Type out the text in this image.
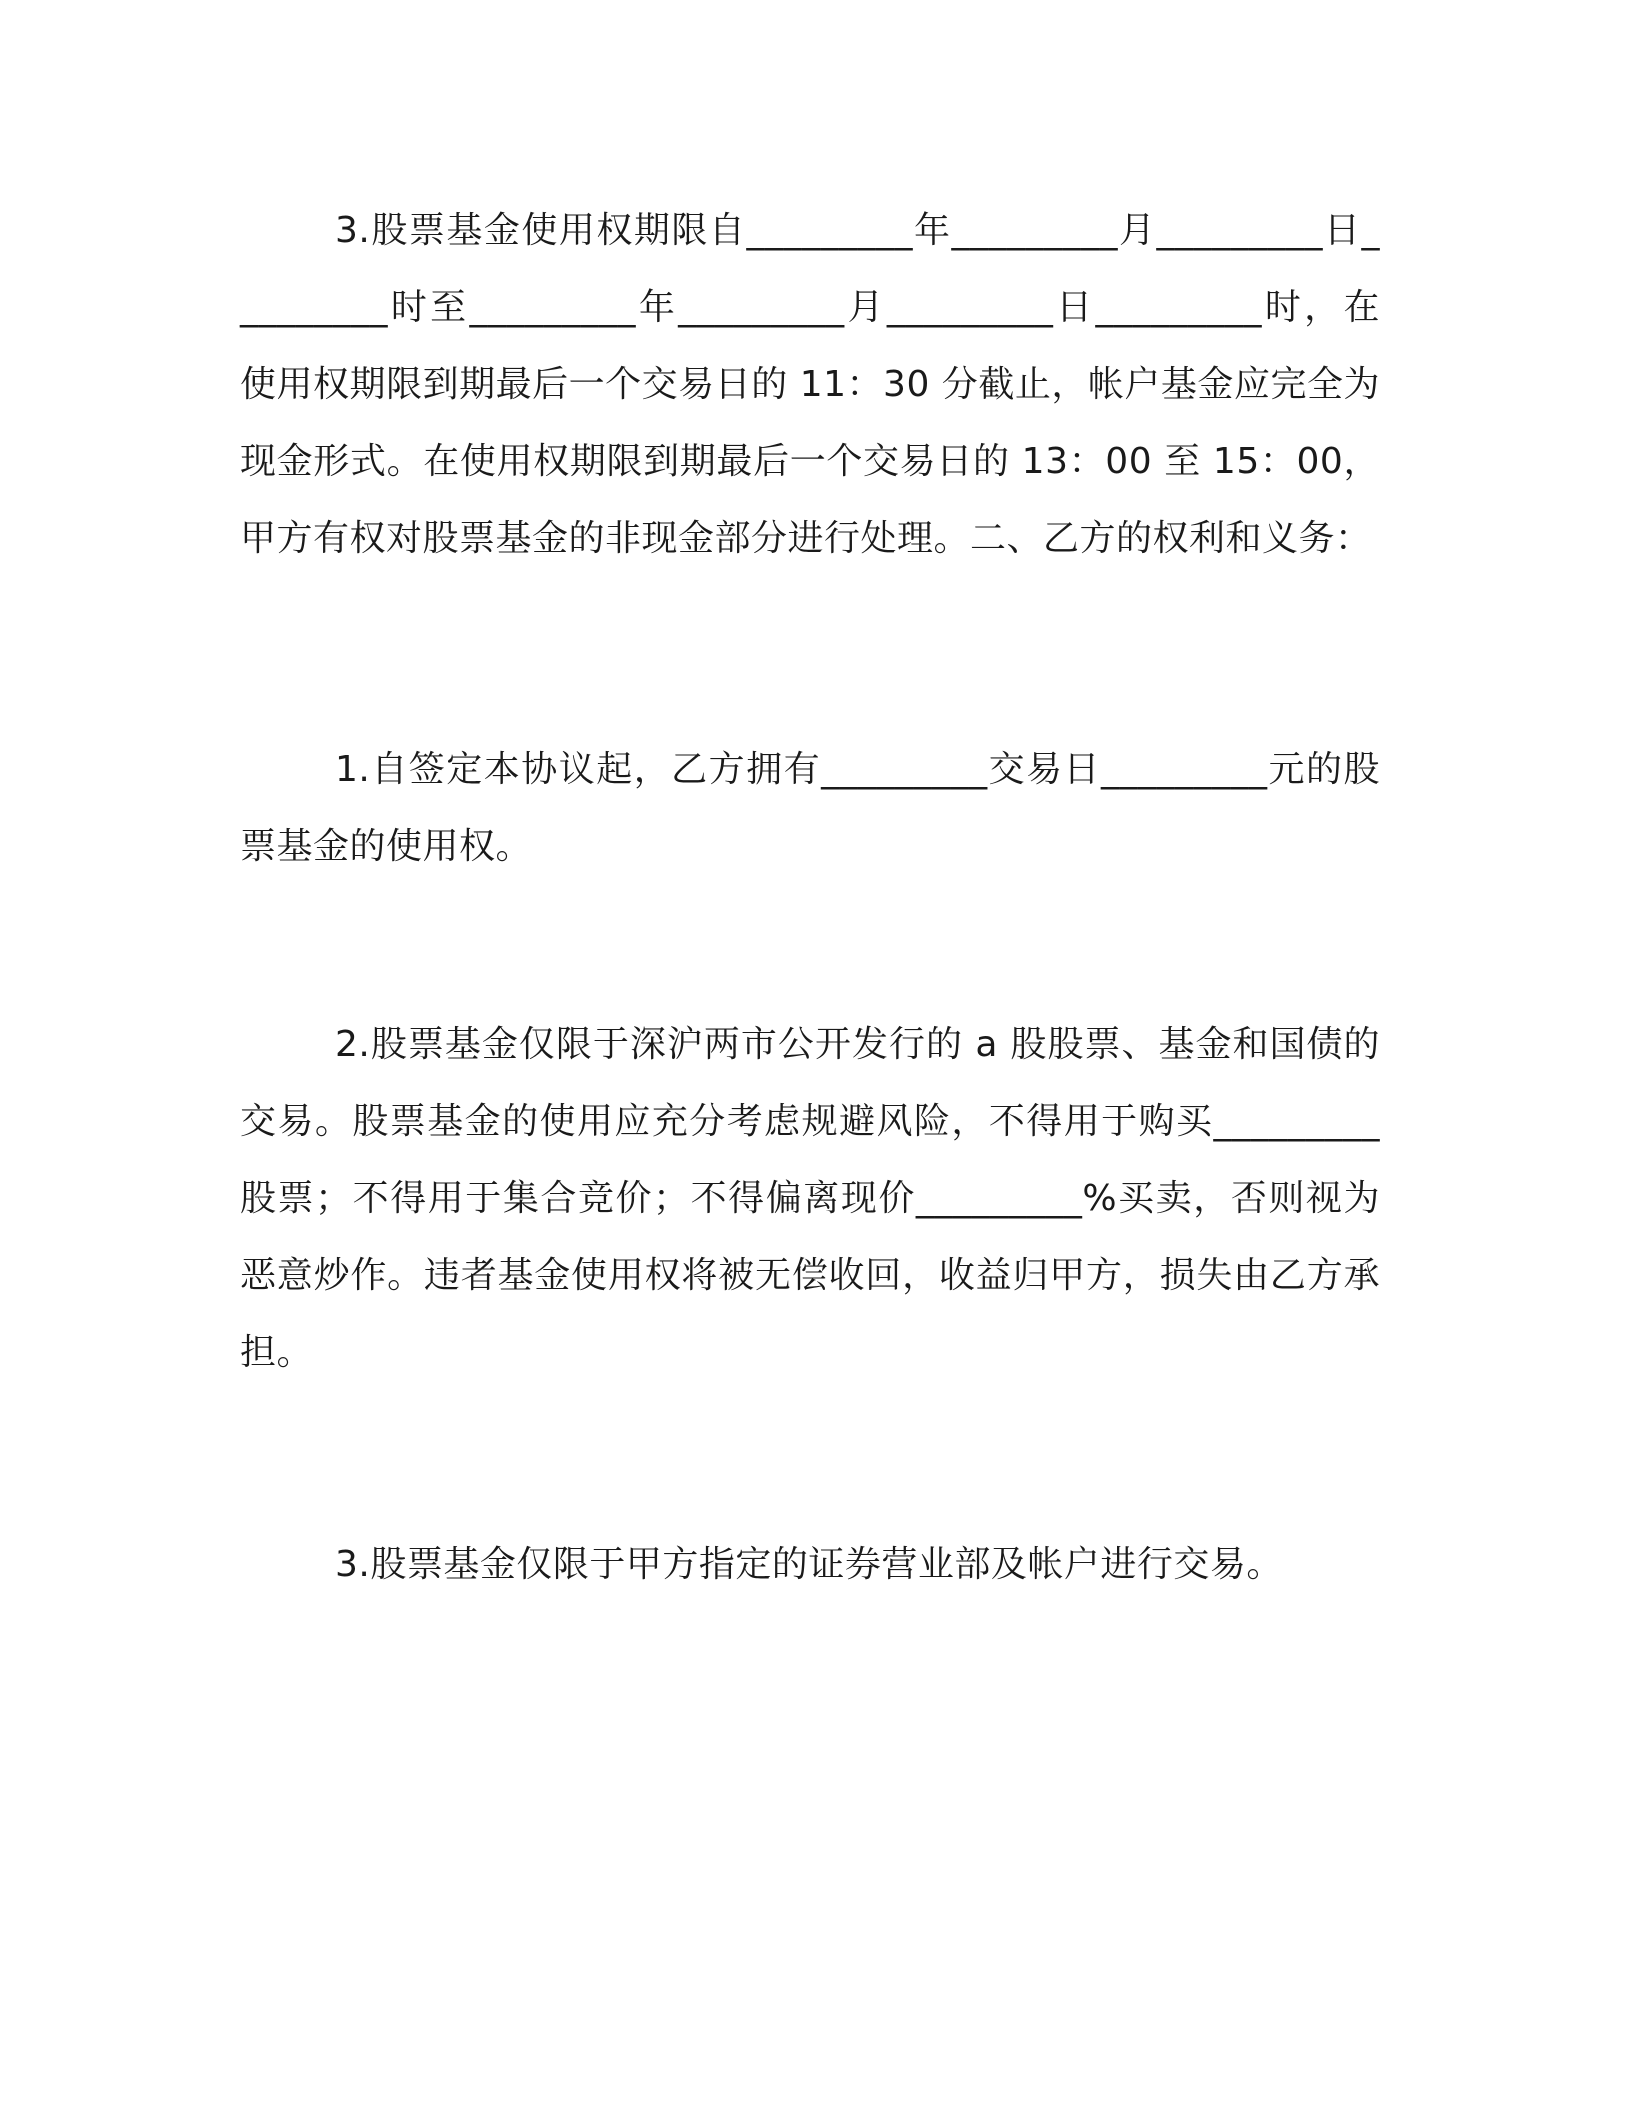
3.股票基金使用权期限自_________年_________月_________日_________时至_________年_________月_________日_________时，在使用权期限到期最后一个交易日的 11：30 分截止，帐户基金应完全为现金形式。在使用权期限到期最后一个交易日的 13：00 至 15：00，甲方有权对股票基金的非现金部分进行处理。二、乙方的权利和义务：

1.自签定本协议起，乙方拥有_________交易日_________元的股票基金的使用权。

2.股票基金仅限于深沪两市公开发行的 a 股股票、基金和国债的交易。股票基金的使用应充分考虑规避风险，不得用于购买_________股票；不得用于集合竞价；不得偏离现价_________%买卖，否则视为恶意炒作。违者基金使用权将被无偿收回，收益归甲方，损失由乙方承担。

3.股票基金仅限于甲方指定的证券营业部及帐户进行交易。
